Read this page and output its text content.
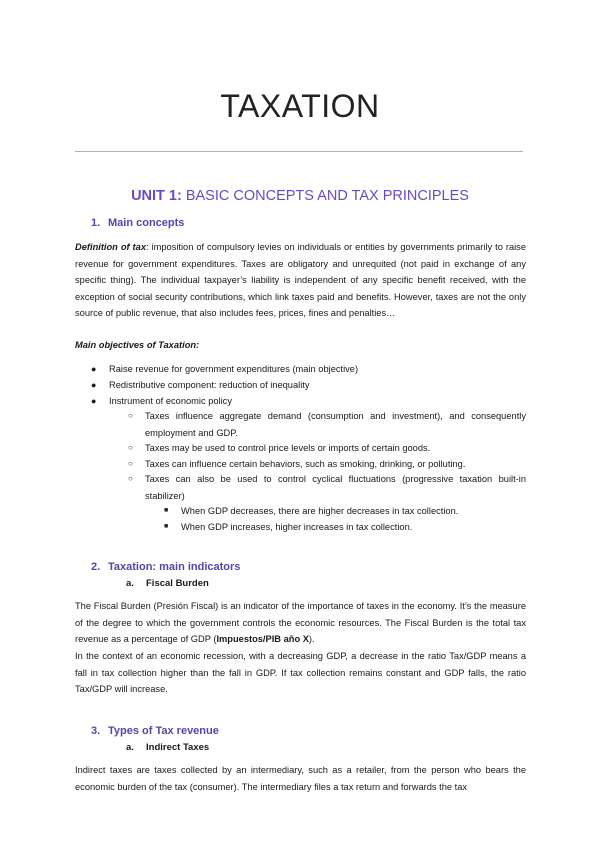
TAXATION
UNIT 1: BASIC CONCEPTS AND TAX PRINCIPLES
1. Main concepts

Definition of tax: imposition of compulsory levies on individuals or entities by governments primarily to raise revenue for government expenditures. Taxes are obligatory and unrequited (not paid in exchange of any specific thing). The individual taxpayer’s liability is independent of any specific benefit received, with the exception of social security contributions, which link taxes paid and benefits. However, taxes are not the only source of public revenue, that also includes fees, prices, fines and penalties…

Main objectives of Taxation:

● Raise revenue for government expenditures (main objective)

● Redistributive component: reduction of inequality

● Instrument of economic policy

○ Taxes influence aggregate demand (consumption and investment), and consequently employment and GDP.

○ Taxes may be used to control price levels or imports of certain goods.

○ Taxes can influence certain behaviors, such as smoking, drinking, or polluting.

○ Taxes can also be used to control cyclical fluctuations (progressive taxation built-in stabilizer)

■ When GDP decreases, there are higher decreases in tax collection.

■ When GDP increases, higher increases in tax collection.

2. Taxation: main indicators
a. Fiscal Burden

The Fiscal Burden (Presión Fiscal) is an indicator of the importance of taxes in the economy. It’s the measure of the degree to which the government controls the economic resources. The Fiscal Burden is the total tax revenue as a percentage of GDP (Impuestos/PIB año X).

In the context of an economic recession, with a decreasing GDP, a decrease in the ratio Tax/GDP means a fall in tax collection higher than the fall in GDP. If tax collection remains constant and GDP falls, the ratio Tax/GDP will increase.

3. Types of Tax revenue
a. Indirect Taxes

Indirect taxes are taxes collected by an intermediary, such as a retailer, from the person who bears the economic burden of the tax (consumer). The intermediary files a tax return and forwards the tax
